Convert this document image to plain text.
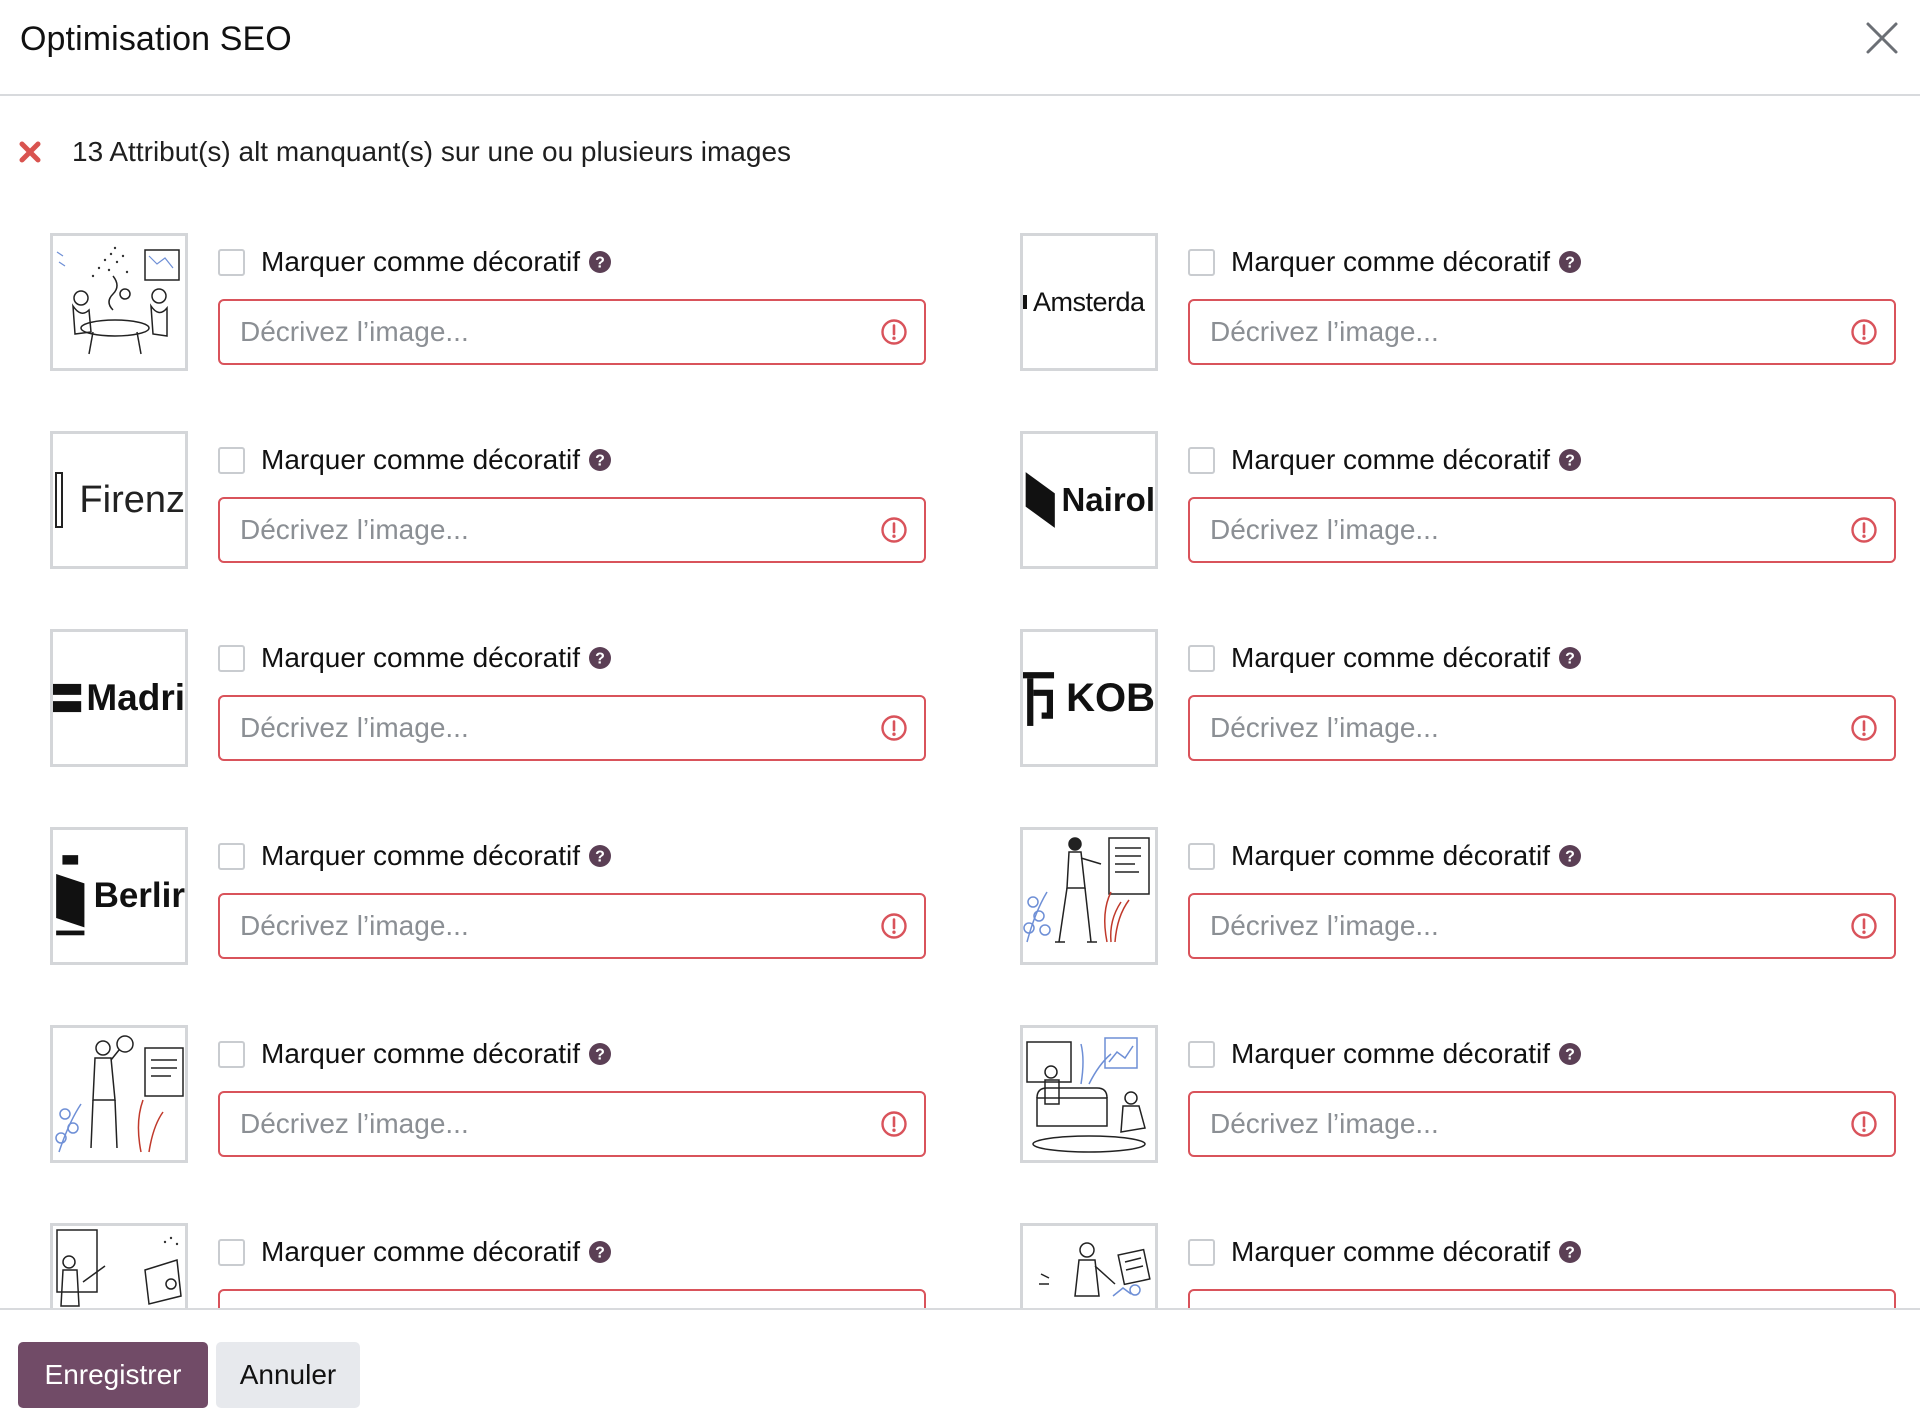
Optimisation SEO
13 Attribut(s) alt manquant(s) sur une ou plusieurs images
Marquer comme décoratif ?
Décrivez l’image...
Amsterda
Marquer comme décoratif ?
Décrivez l’image...
Firenz
Marquer comme décoratif ?
Décrivez l’image...
Nairol
Marquer comme décoratif ?
Décrivez l’image...
Madri
Marquer comme décoratif ?
Décrivez l’image...
KOB
Marquer comme décoratif ?
Décrivez l’image...
Berlir
Marquer comme décoratif ?
Décrivez l’image...	Marquer comme décoratif ?
Décrivez l’image...
Marquer comme décoratif ?
Décrivez l’image...	Marquer comme décoratif ?
Décrivez l’image...
Marquer comme décoratif ?
Décrivez l’image...	Marquer comme décoratif ?
Décrivez l’image...
Enregistrer	Annuler
